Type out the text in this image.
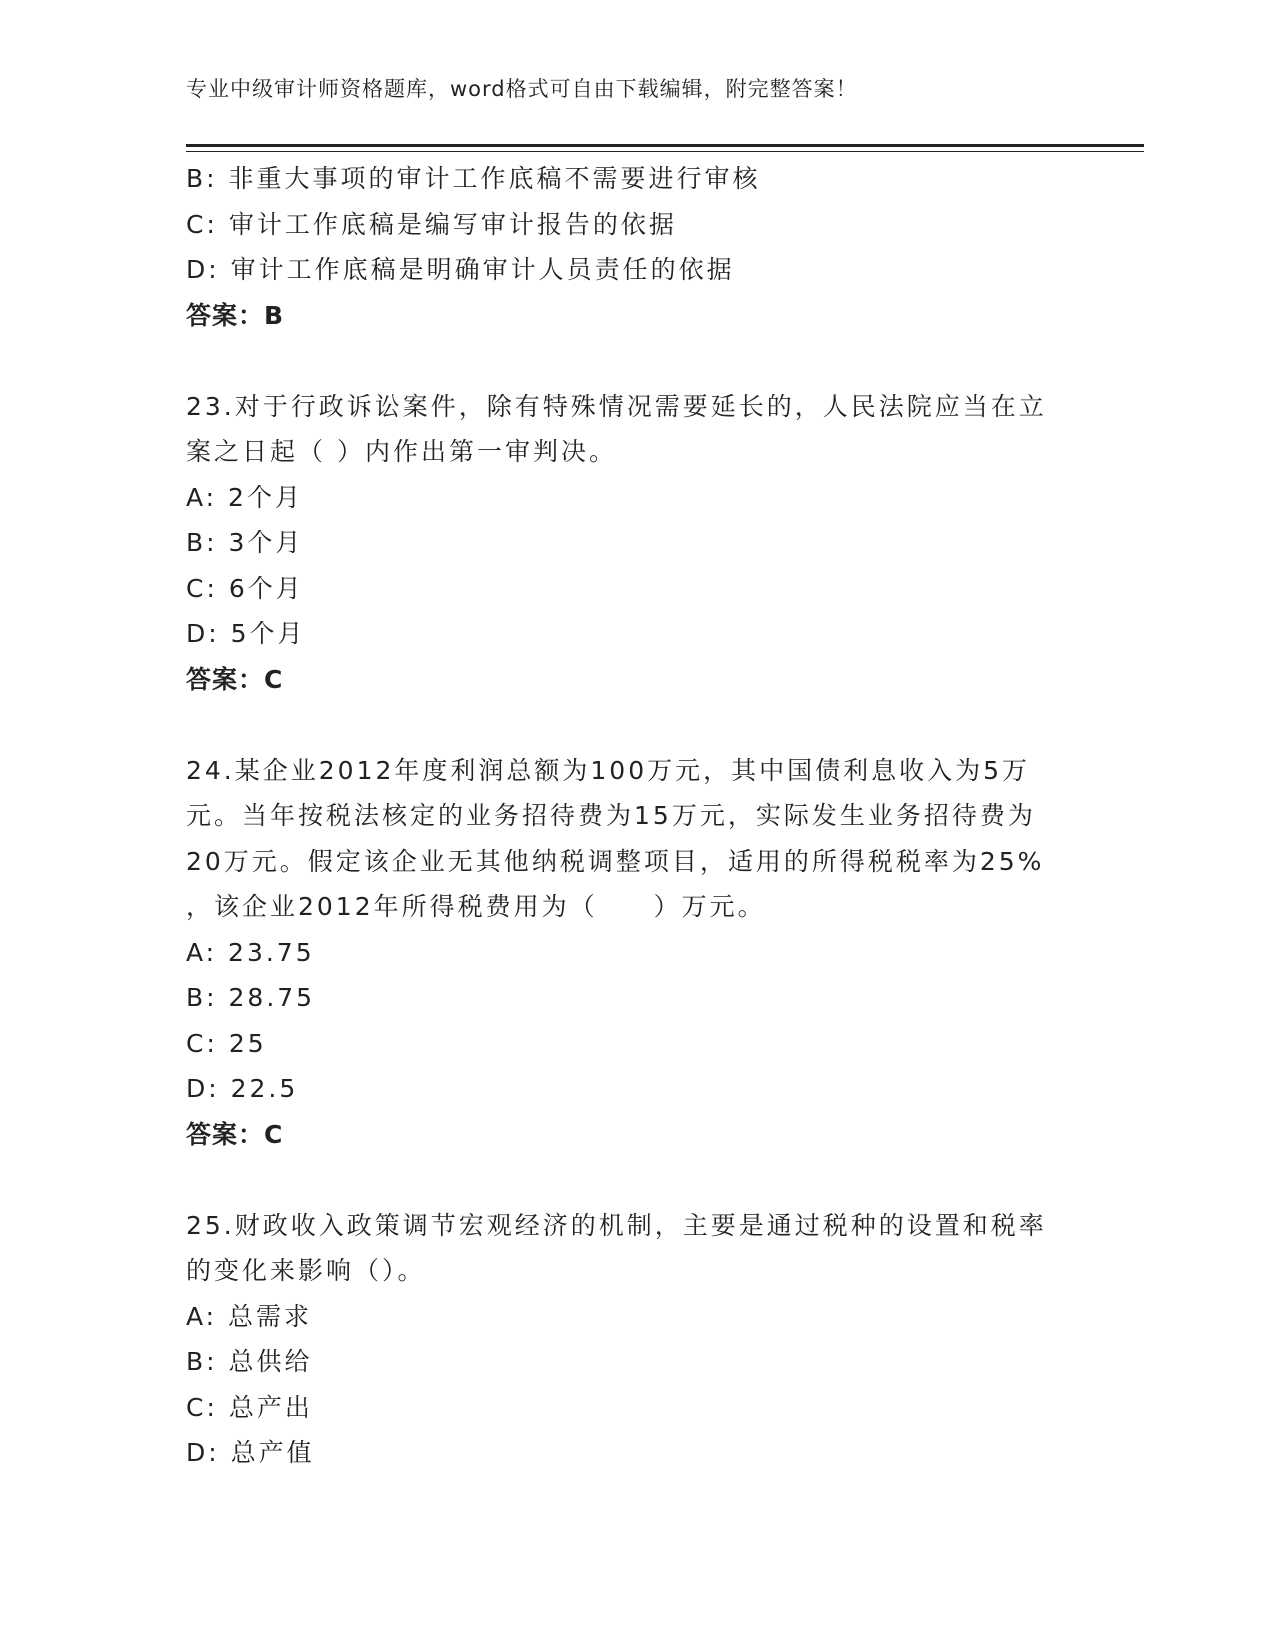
专业中级审计师资格题库，word格式可自由下载编辑，附完整答案！
B: 非重大事项的审计工作底稿不需要进行审核
C: 审计工作底稿是编写审计报告的依据
D: 审计工作底稿是明确审计人员责任的依据
答案：B
23.对于行政诉讼案件，除有特殊情况需要延长的，人民法院应当在立
案之日起（ ）内作出第一审判决。
A: 2个月
B: 3个月
C: 6个月
D: 5个月
答案：C
24.某企业2012年度利润总额为100万元，其中国债利息收入为5万
元。当年按税法核定的业务招待费为15万元，实际发生业务招待费为
20万元。假定该企业无其他纳税调整项目，适用的所得税税率为25%
，该企业2012年所得税费用为（　　）万元。
A: 23.75
B: 28.75
C: 25
D: 22.5
答案：C
25.财政收入政策调节宏观经济的机制，主要是通过税种的设置和税率
的变化来影响（）。
A: 总需求
B: 总供给
C: 总产出
D: 总产值
